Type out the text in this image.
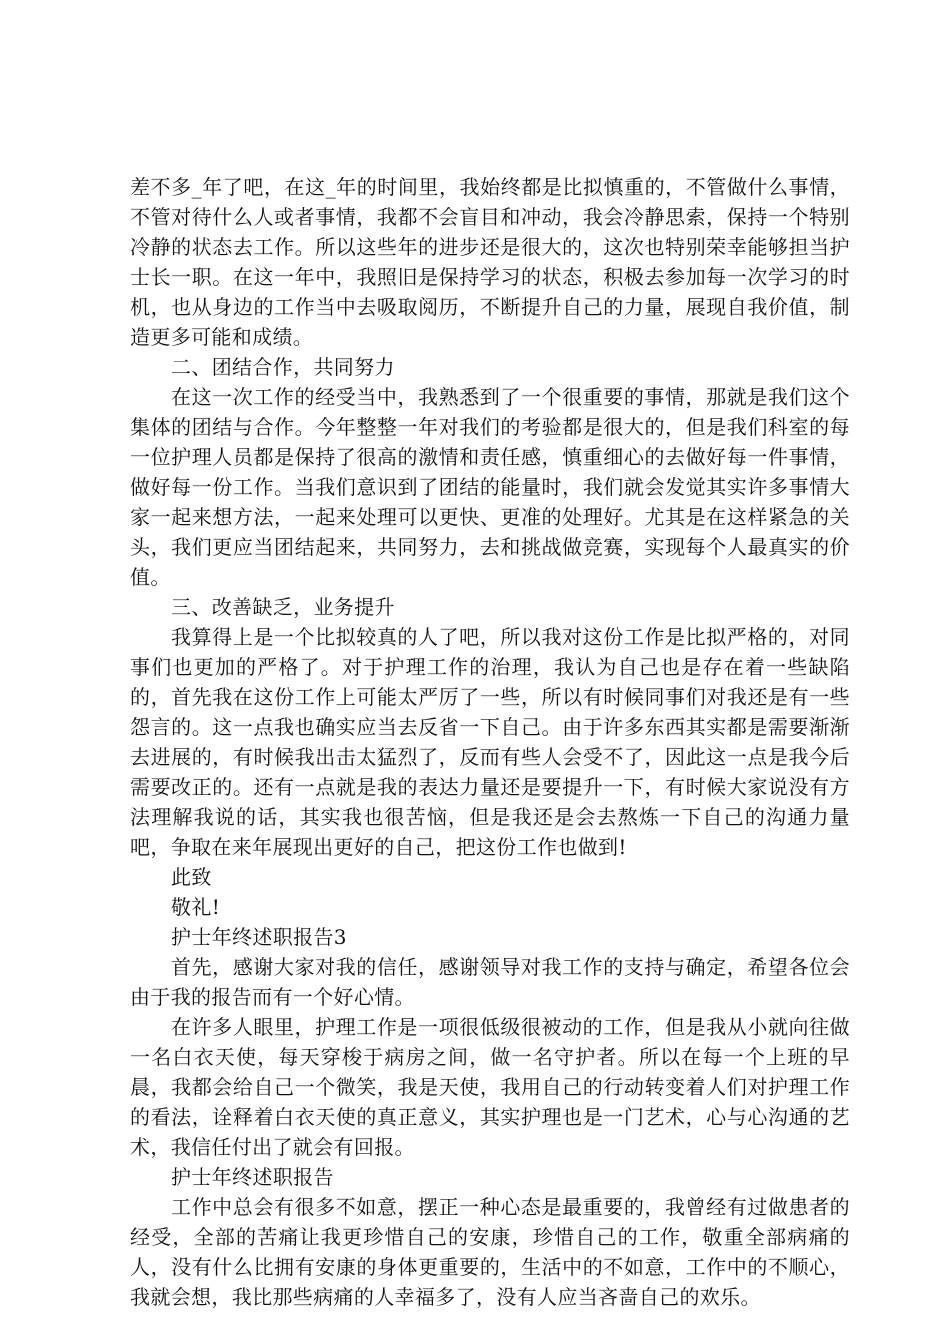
差不多_年了吧，在这_年的时间里，我始终都是比拟慎重的，不管做什么事情，不管对待什么人或者事情，我都不会盲目和冲动，我会冷静思索，保持一个特别冷静的状态去工作。所以这些年的进步还是很大的，这次也特别荣幸能够担当护士长一职。在这一年中，我照旧是保持学习的状态，积极去参加每一次学习的时机，也从身边的工作当中去吸取阅历，不断提升自己的力量，展现自我价值，制造更多可能和成绩。

二、团结合作，共同努力

在这一次工作的经受当中，我熟悉到了一个很重要的事情，那就是我们这个集体的团结与合作。今年整整一年对我们的考验都是很大的，但是我们科室的每一位护理人员都是保持了很高的激情和责任感，慎重细心的去做好每一件事情，做好每一份工作。当我们意识到了团结的能量时，我们就会发觉其实许多事情大家一起来想方法，一起来处理可以更快、更准的处理好。尤其是在这样紧急的关头，我们更应当团结起来，共同努力，去和挑战做竞赛，实现每个人最真实的价值。

三、改善缺乏，业务提升

我算得上是一个比拟较真的人了吧，所以我对这份工作是比拟严格的，对同事们也更加的严格了。对于护理工作的治理，我认为自己也是存在着一些缺陷的，首先我在这份工作上可能太严厉了一些，所以有时候同事们对我还是有一些怨言的。这一点我也确实应当去反省一下自己。由于许多东西其实都是需要渐渐去进展的，有时候我出击太猛烈了，反而有些人会受不了，因此这一点是我今后需要改正的。还有一点就是我的表达力量还是要提升一下，有时候大家说没有方法理解我说的话，其实我也很苦恼，但是我还是会去熬炼一下自己的沟通力量吧，争取在来年展现出更好的自己，把这份工作也做到!

此致

敬礼!

护士年终述职报告3

首先，感谢大家对我的信任，感谢领导对我工作的支持与确定，希望各位会由于我的报告而有一个好心情。

在许多人眼里，护理工作是一项很低级很被动的工作，但是我从小就向往做一名白衣天使，每天穿梭于病房之间，做一名守护者。所以在每一个上班的早晨，我都会给自己一个微笑，我是天使，我用自己的行动转变着人们对护理工作的看法，诠释着白衣天使的真正意义，其实护理也是一门艺术，心与心沟通的艺术，我信任付出了就会有回报。

护士年终述职报告

工作中总会有很多不如意，摆正一种心态是最重要的，我曾经有过做患者的经受，全部的苦痛让我更珍惜自己的安康，珍惜自己的工作，敬重全部病痛的人，没有什么比拥有安康的身体更重要的，生活中的不如意，工作中的不顺心，我就会想，我比那些病痛的人幸福多了，没有人应当吝啬自己的欢乐。
